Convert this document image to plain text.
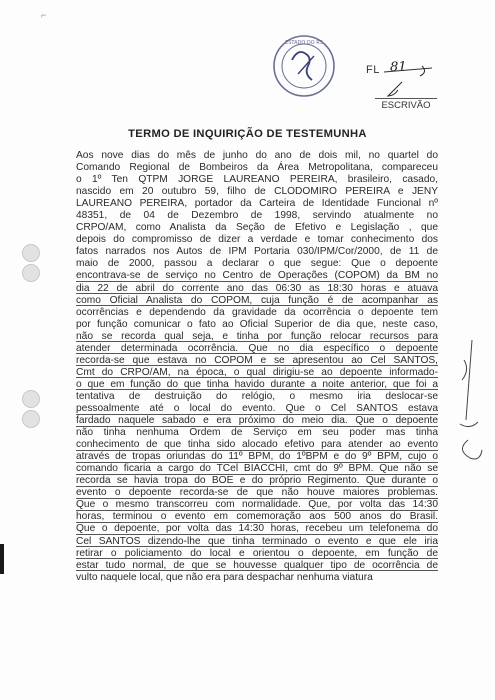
⌐
ESTADO DO RS
FL 81
ESCRIVÃO
TERMO DE INQUIRIÇÃO DE TESTEMUNHA
Aos nove dias do mês de junho do ano de dois mil, no quartel do
Comando Regional de Bombeiros da Área Metropolitana, compareceu
o 1º Ten QTPM JORGE LAUREANO PEREIRA, brasileiro, casado,
nascido em 20 outubro 59, filho de CLODOMIRO PEREIRA e JENY
LAUREANO PEREIRA, portador da Carteira de Identidade Funcional nº
48351, de 04 de Dezembro de 1998, servindo atualmente no
CRPO/AM, como Analista da Seção de Efetivo e Legislação , que
depois do compromisso de dizer a verdade e tomar conhecimento dos
fatos narrados nos Autos de IPM Portaria 030/IPM/Cor/2000, de 11 de
maio de 2000, passou a declarar o que segue: Que o depoente
encontrava-se de serviço no Centro de Operações (COPOM) da BM no
dia 22 de abril do corrente ano das 06:30 as 18:30 horas e atuava
como Oficial Analista do COPOM, cuja função é de acompanhar as
ocorrências e dependendo da gravidade da ocorrência o depoente tem
por função comunicar o fato ao Oficial Superior de dia que, neste caso,
não se recorda qual seja, e tinha por função relocar recursos para
atender determinada ocorrência. Que no dia específico o depoente
recorda-se que estava no COPOM e se apresentou ao Cel SANTOS,
Cmt do CRPO/AM, na época, o qual dirigiu-se ao depoente informado-
o que em função do que tinha havido durante a noite anterior, que foi a
tentativa de destruição do relógio, o mesmo iria deslocar-se
pessoalmente até o local do evento. Que o Cel SANTOS estava
fardado naquele sabado e era próximo do meio dia. Que o depoente
não tinha nenhuma Ordem de Serviço em seu poder mas tinha
conhecimento de que tinha sido alocado efetivo para atender ao evento
através de tropas oriundas do 11º BPM, do 1ºBPM e do 9º BPM, cujo o
comando ficaria a cargo do TCel BIACCHI, cmt do 9º BPM. Que não se
recorda se havia tropa do BOE e do próprio Regimento. Que durante o
evento o depoente recorda-se de que não houve maiores problemas.
Que o mesmo transcorreu com normalidade. Que, por volta das 14:30
horas, terminou o evento em comemoração aos 500 anos do Brasil.
Que o depoente, por volta das 14:30 horas, recebeu um telefonema do
Cel SANTOS dizendo-lhe que tinha terminado o evento e que ele iria
retirar o policiamento do local e orientou o depoente, em função de
estar tudo normal, de que se houvesse qualquer tipo de ocorrência de
vulto naquele local, que não era para despachar nenhuma viatura
